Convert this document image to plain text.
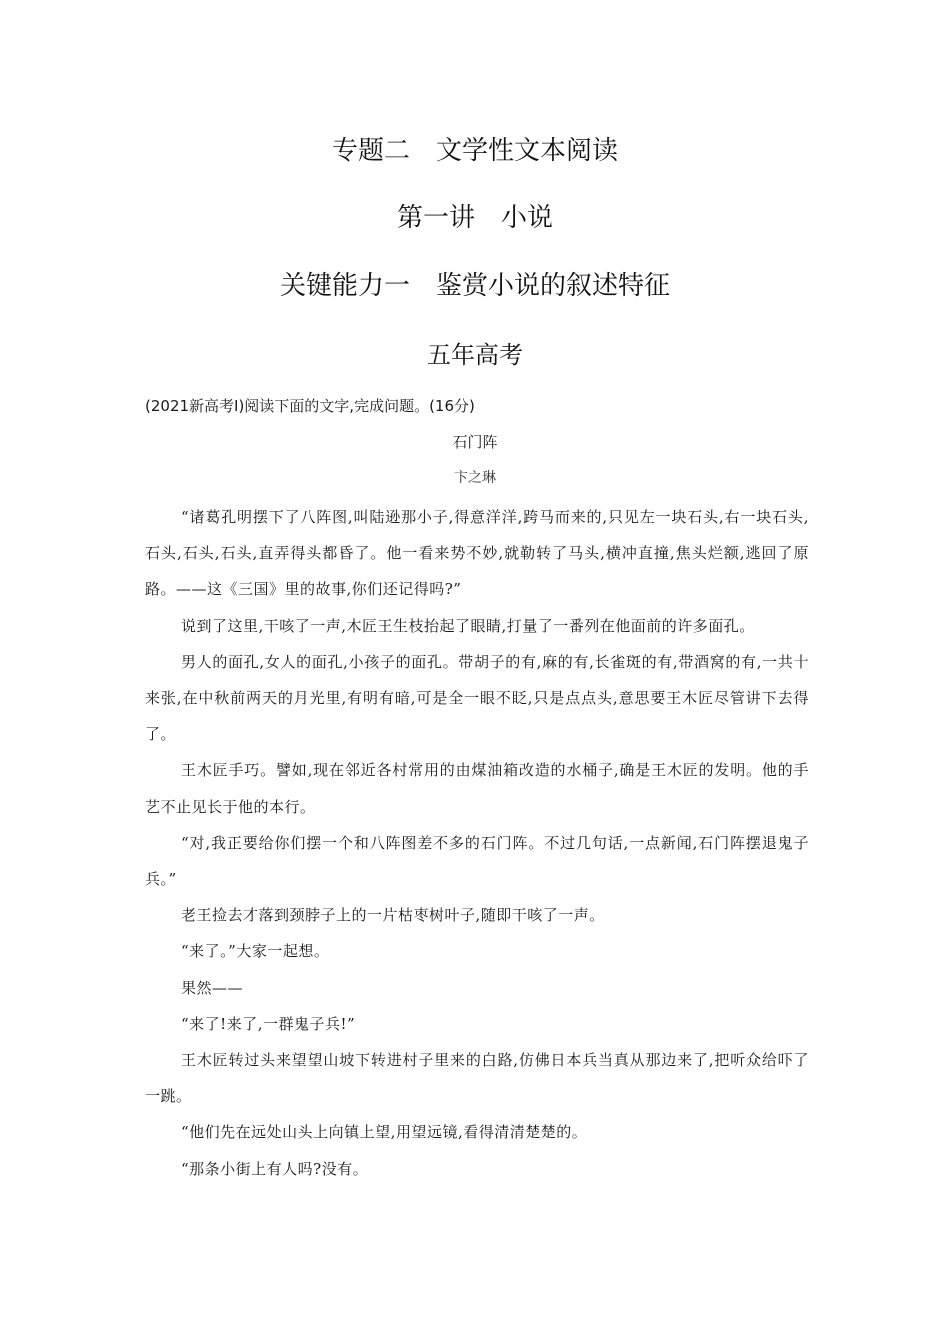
专题二　文学性文本阅读
第一讲　小说
关键能力一　鉴赏小说的叙述特征
五年高考

(2021新高考Ⅰ)阅读下面的文字,完成问题。(16分)

石门阵

卞之琳

“诸葛孔明摆下了八阵图,叫陆逊那小子,得意洋洋,跨马而来的,只见左一块石头,右一块石头,石头,石头,石头,直弄得头都昏了。他一看来势不妙,就勒转了马头,横冲直撞,焦头烂额,逃回了原路。——这《三国》里的故事,你们还记得吗?”

说到了这里,干咳了一声,木匠王生枝抬起了眼睛,打量了一番列在他面前的许多面孔。

男人的面孔,女人的面孔,小孩子的面孔。带胡子的有,麻的有,长雀斑的有,带酒窝的有,一共十来张,在中秋前两天的月光里,有明有暗,可是全一眼不眨,只是点点头,意思要王木匠尽管讲下去得了。

王木匠手巧。譬如,现在邻近各村常用的由煤油箱改造的水桶子,确是王木匠的发明。他的手艺不止见长于他的本行。

“对,我正要给你们摆一个和八阵图差不多的石门阵。不过几句话,一点新闻,石门阵摆退鬼子兵。”

老王捡去才落到颈脖子上的一片枯枣树叶子,随即干咳了一声。

“来了。”大家一起想。

果然——

“来了!来了,一群鬼子兵!”

王木匠转过头来望望山坡下转进村子里来的白路,仿佛日本兵当真从那边来了,把听众给吓了一跳。

“他们先在远处山头上向镇上望,用望远镜,看得清清楚楚的。

“那条小街上有人吗?没有。
